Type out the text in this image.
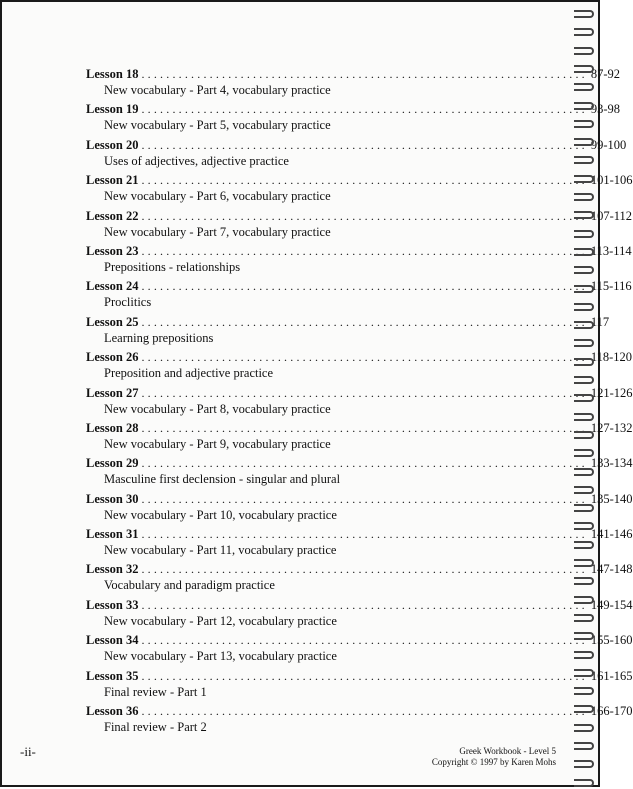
Lesson 18 ........................................................................ 87-92
New vocabulary - Part 4, vocabulary practice
Lesson 19 ........................................................................ 93-98
New vocabulary - Part 5, vocabulary practice
Lesson 20 ........................................................................ 99-100
Uses of adjectives, adjective practice
Lesson 21 ........................................................................ 101-106
New vocabulary - Part 6, vocabulary practice
Lesson 22 ........................................................................ 107-112
New vocabulary - Part 7, vocabulary practice
Lesson 23 ........................................................................ 113-114
Prepositions - relationships
Lesson 24 ........................................................................ 115-116
Proclitics
Lesson 25 ........................................................................ 117
Learning prepositions
Lesson 26 ........................................................................ 118-120
Preposition and adjective practice
Lesson 27 ........................................................................ 121-126
New vocabulary - Part 8, vocabulary practice
Lesson 28 ........................................................................ 127-132
New vocabulary - Part 9, vocabulary practice
Lesson 29 ........................................................................ 133-134
Masculine first declension - singular and plural
Lesson 30 ........................................................................ 135-140
New vocabulary - Part 10, vocabulary practice
Lesson 31 ........................................................................ 141-146
New vocabulary - Part 11, vocabulary practice
Lesson 32 ........................................................................ 147-148
Vocabulary and paradigm practice
Lesson 33 ........................................................................ 149-154
New vocabulary - Part 12, vocabulary practice
Lesson 34 ........................................................................ 155-160
New vocabulary - Part 13, vocabulary practice
Lesson 35 ........................................................................ 161-165
Final review - Part 1
Lesson 36 ........................................................................ 166-170
Final review - Part 2
-ii-	Greek Workbook - Level 5
Copyright © 1997 by Karen Mohs
